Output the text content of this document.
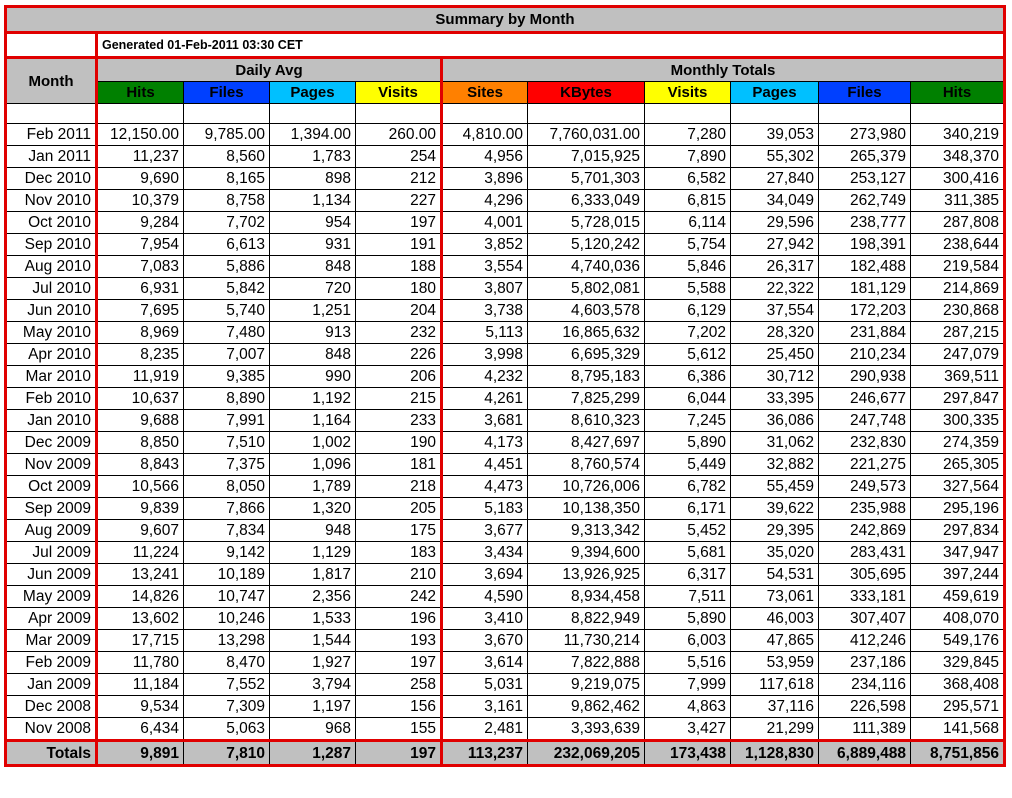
Summary by Month										
	Generated 01-Feb-2011 03:30 CET									
Month	Daily Avg				Monthly Totals					
	Hits	Files	Pages	Visits	Sites	KBytes	Visits	Pages	Files	Hits

Feb 2011	12,150.00	9,785.00	1,394.00	260.00	4,810.00	7,760,031.00	7,280	39,053	273,980	340,219
Jan 2011	11,237	8,560	1,783	254	4,956	7,015,925	7,890	55,302	265,379	348,370
Dec 2010	9,690	8,165	898	212	3,896	5,701,303	6,582	27,840	253,127	300,416
Nov 2010	10,379	8,758	1,134	227	4,296	6,333,049	6,815	34,049	262,749	311,385
Oct 2010	9,284	7,702	954	197	4,001	5,728,015	6,114	29,596	238,777	287,808
Sep 2010	7,954	6,613	931	191	3,852	5,120,242	5,754	27,942	198,391	238,644
Aug 2010	7,083	5,886	848	188	3,554	4,740,036	5,846	26,317	182,488	219,584
Jul 2010	6,931	5,842	720	180	3,807	5,802,081	5,588	22,322	181,129	214,869
Jun 2010	7,695	5,740	1,251	204	3,738	4,603,578	6,129	37,554	172,203	230,868
May 2010	8,969	7,480	913	232	5,113	16,865,632	7,202	28,320	231,884	287,215
Apr 2010	8,235	7,007	848	226	3,998	6,695,329	5,612	25,450	210,234	247,079
Mar 2010	11,919	9,385	990	206	4,232	8,795,183	6,386	30,712	290,938	369,511
Feb 2010	10,637	8,890	1,192	215	4,261	7,825,299	6,044	33,395	246,677	297,847
Jan 2010	9,688	7,991	1,164	233	3,681	8,610,323	7,245	36,086	247,748	300,335
Dec 2009	8,850	7,510	1,002	190	4,173	8,427,697	5,890	31,062	232,830	274,359
Nov 2009	8,843	7,375	1,096	181	4,451	8,760,574	5,449	32,882	221,275	265,305
Oct 2009	10,566	8,050	1,789	218	4,473	10,726,006	6,782	55,459	249,573	327,564
Sep 2009	9,839	7,866	1,320	205	5,183	10,138,350	6,171	39,622	235,988	295,196
Aug 2009	9,607	7,834	948	175	3,677	9,313,342	5,452	29,395	242,869	297,834
Jul 2009	11,224	9,142	1,129	183	3,434	9,394,600	5,681	35,020	283,431	347,947
Jun 2009	13,241	10,189	1,817	210	3,694	13,926,925	6,317	54,531	305,695	397,244
May 2009	14,826	10,747	2,356	242	4,590	8,934,458	7,511	73,061	333,181	459,619
Apr 2009	13,602	10,246	1,533	196	3,410	8,822,949	5,890	46,003	307,407	408,070
Mar 2009	17,715	13,298	1,544	193	3,670	11,730,214	6,003	47,865	412,246	549,176
Feb 2009	11,780	8,470	1,927	197	3,614	7,822,888	5,516	53,959	237,186	329,845
Jan 2009	11,184	7,552	3,794	258	5,031	9,219,075	7,999	117,618	234,116	368,408
Dec 2008	9,534	7,309	1,197	156	3,161	9,862,462	4,863	37,116	226,598	295,571
Nov 2008	6,434	5,063	968	155	2,481	3,393,639	3,427	21,299	111,389	141,568
Totals	9,891	7,810	1,287	197	113,237	232,069,205	173,438	1,128,830	6,889,488	8,751,856
